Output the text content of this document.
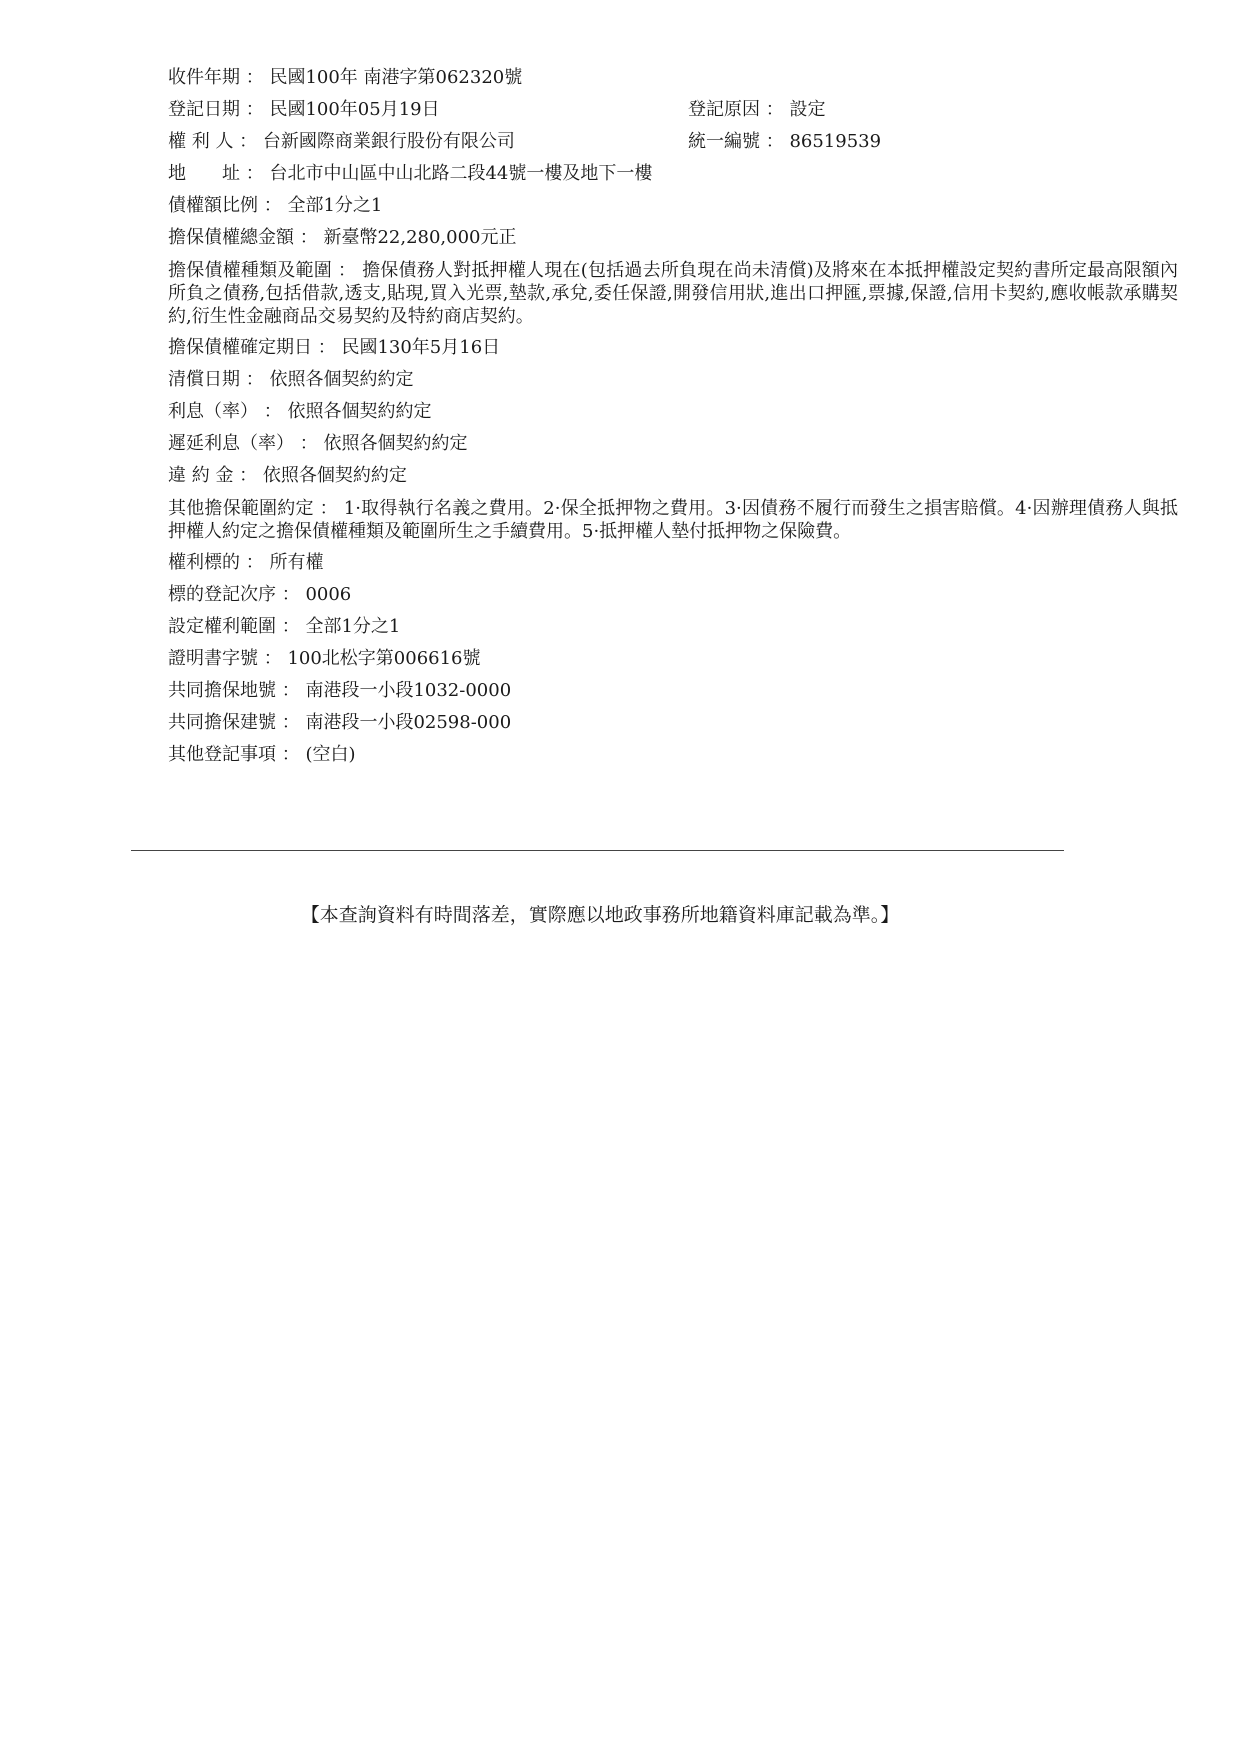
收件年期 ： 民國100年 南港字第062320號
登記日期 ： 民國100年05月19日	登記原因 ： 設定
權 利 人 ： 台新國際商業銀行股份有限公司	統一編號 ： 86519539
地　　址 ： 台北市中山區中山北路二段44號一樓及地下一樓
債權額比例 ： 全部1分之1
擔保債權總金額 ： 新臺幣22,280,000元正
擔保債權種類及範圍 ： 擔保債務人對抵押權人現在(包括過去所負現在尚未清償)及將來在本抵押權設定契約書所定最高限額內所負之債務,包括借款,透支,貼現,買入光票,墊款,承兌,委任保證,開發信用狀,進出口押匯,票據,保證,信用卡契約,應收帳款承購契約,衍生性金融商品交易契約及特約商店契約。
擔保債權確定期日 ： 民國130年5月16日
清償日期 ： 依照各個契約約定
利息（率） ： 依照各個契約約定
遲延利息（率） ： 依照各個契約約定
違 約 金 ： 依照各個契約約定
其他擔保範圍約定 ： 1·取得執行名義之費用。2·保全抵押物之費用。3·因債務不履行而發生之損害賠償。4·因辦理債務人與抵押權人約定之擔保債權種類及範圍所生之手續費用。5·抵押權人墊付抵押物之保險費。
權利標的 ： 所有權
標的登記次序 ： 0006
設定權利範圍 ： 全部1分之1
證明書字號 ： 100北松字第006616號
共同擔保地號 ： 南港段一小段1032-0000
共同擔保建號 ： 南港段一小段02598-000
其他登記事項 ： (空白)
【本查詢資料有時間落差，實際應以地政事務所地籍資料庫記載為準。】
